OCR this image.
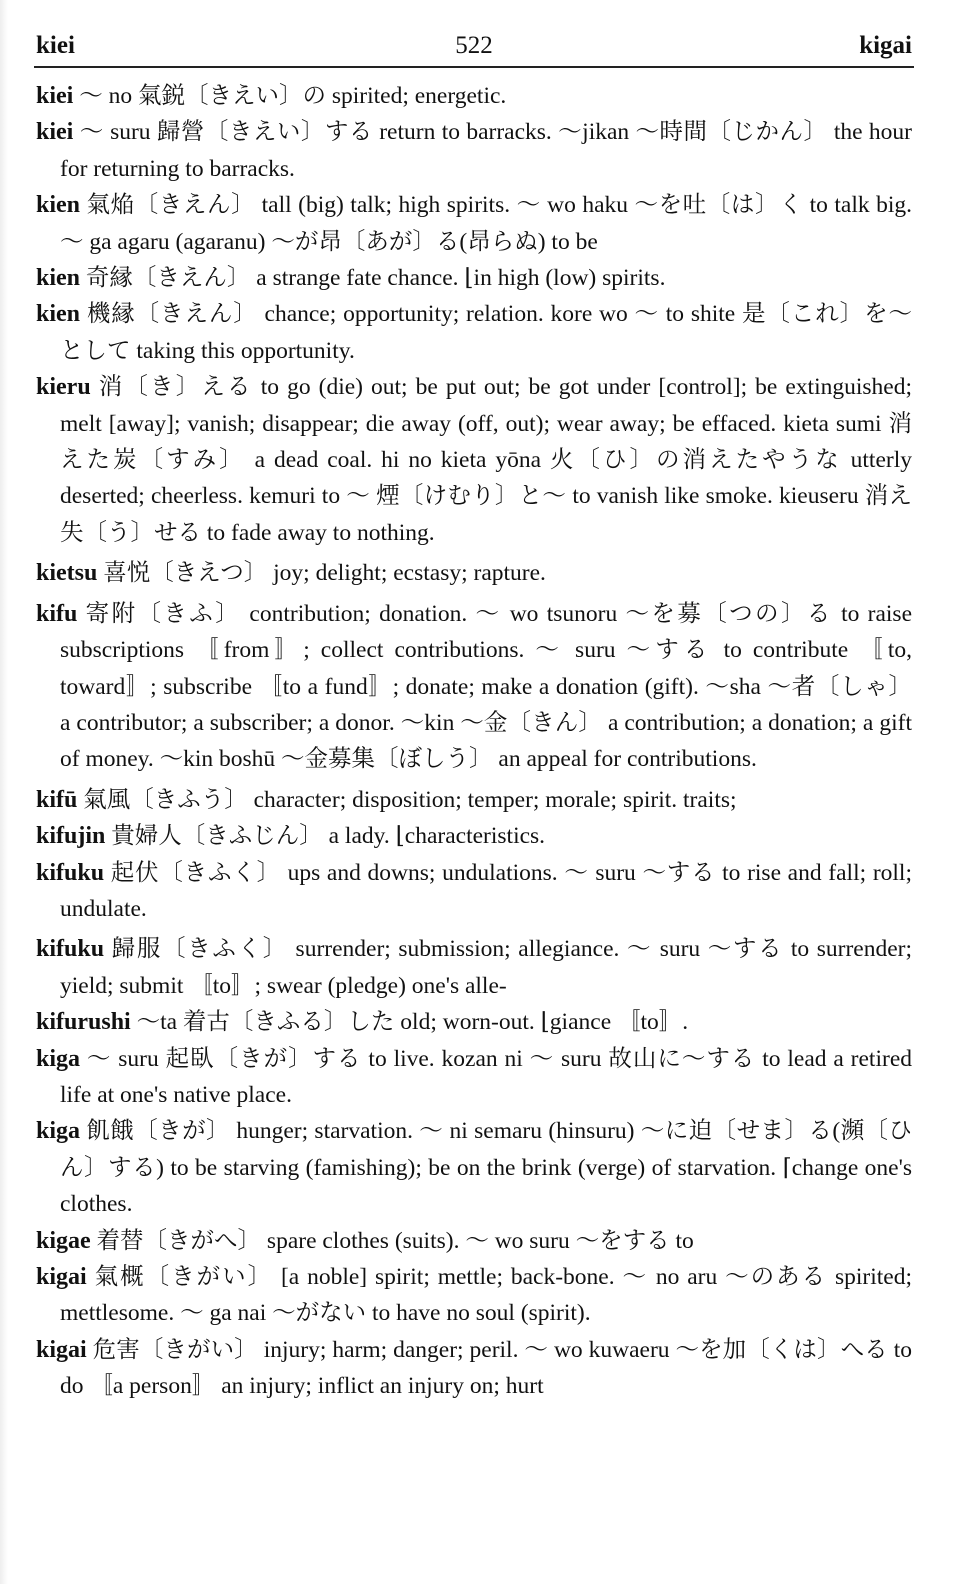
kiei	522	kigai

kiei ～ no 氣鋭〔きえい〕の spirited; energetic.

kiei ～ suru 歸營〔きえい〕する return to barracks. ～jikan ～時間〔じかん〕 the hour for returning to barracks.

kien 氣焔〔きえん〕 tall (big) talk; high spirits. ～ wo haku ～を吐〔は〕く to talk big. ～ ga agaru (agaranu) ～が昂〔あが〕る(昂らぬ) to be

kien 奇縁〔きえん〕 a strange fate chance. ⌊in high (low) spirits.

kien 機縁〔きえん〕 chance; opportunity; relation. kore wo ～ to shite 是〔これ〕を～として taking this opportunity.

kieru 消〔き〕える to go (die) out; be put out; be got under [control]; be extinguished; melt [away]; vanish; disappear; die away (off, out); wear away; be effaced. kieta sumi 消えた炭〔すみ〕 a dead coal. hi no kieta yōna 火〔ひ〕の消えたやうな utterly deserted; cheerless. kemuri to ～ 煙〔けむり〕と～ to vanish like smoke. kieuseru 消え失〔う〕せる to fade away to nothing.

kietsu 喜悦〔きえつ〕 joy; delight; ecstasy; rapture.

kifu 寄附〔きふ〕 contribution; donation. ～ wo tsunoru ～を募〔つの〕る to raise subscriptions 〚from〛; collect contributions. ～ suru ～する to contribute 〚to, toward〛; subscribe 〚to a fund〛; donate; make a donation (gift). ～sha ～者〔しゃ〕 a contributor; a subscriber; a donor. ～kin ～金〔きん〕 a contribution; a donation; a gift of money. ～kin boshū ～金募集〔ぼしう〕 an appeal for contributions.

kifū 氣風〔きふう〕 character; disposition; temper; morale; spirit. traits;

kifujin 貴婦人〔きふじん〕 a lady. ⌊characteristics.

kifuku 起伏〔きふく〕 ups and downs; undulations. ～ suru ～する to rise and fall; roll; undulate.

kifuku 歸服〔きふく〕 surrender; submission; allegiance. ～ suru ～する to surrender; yield; submit 〚to〛; swear (pledge) one's alle-

kifurushi ～ta 着古〔きふる〕した old; worn-out. ⌊giance 〚to〛.

kiga ～ suru 起臥〔きが〕する to live. kozan ni ～ suru 故山に～する to lead a retired life at one's native place.

kiga 飢餓〔きが〕 hunger; starvation. ～ ni semaru (hinsuru) ～に迫〔せま〕る(瀕〔ひん〕する) to be starving (famishing); be on the brink (verge) of starvation. ⌈change one's clothes.

kigae 着替〔きがへ〕 spare clothes (suits). ～ wo suru ～をする to

kigai 氣概〔きがい〕 [a noble] spirit; mettle; back-bone. ～ no aru ～のある spirited; mettlesome. ～ ga nai ～がない to have no soul (spirit).

kigai 危害〔きがい〕 injury; harm; danger; peril. ～ wo kuwaeru ～を加〔くは〕へる to do 〚a person〛 an injury; inflict an injury on; hurt
